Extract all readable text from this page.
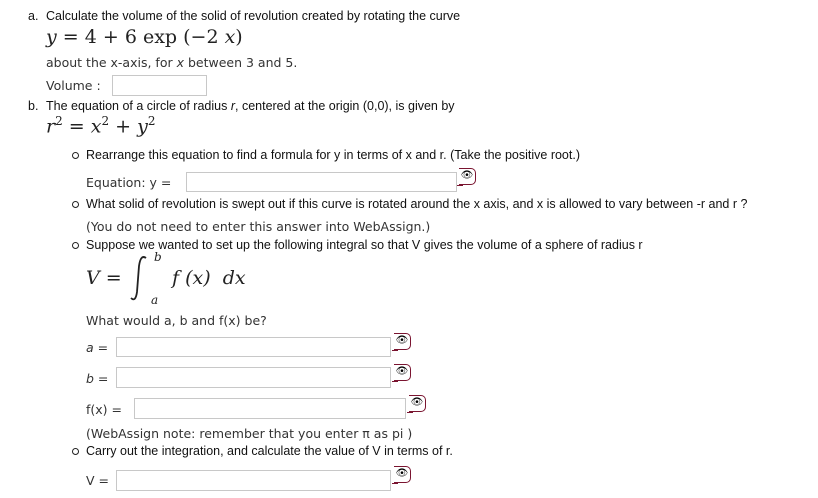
a. Calculate the volume of the solid of revolution created by rotating the curve
y = 4 + 6 exp (−2 x)
about the x-axis, for x between 3 and 5.
Volume :
b. The equation of a circle of radius r, centered at the origin (0,0), is given by
$r^2 = x^2 + y^2$
Rearrange this equation to find a formula for y in terms of x and r. (Take the positive root.)
Equation: y =	👁
What solid of revolution is swept out if this curve is rotated around the x axis, and x is allowed to vary between -r and r ?
(You do not need to enter this answer into WebAssign.)
Suppose we wanted to set up the following integral so that V gives the volume of a sphere of radius r
V =
b
a
f (x)  dx
What would a, b and f(x) be?
a =	👁
b =	👁
f(x) =	👁
(WebAssign note: remember that you enter π as pi )
Carry out the integration, and calculate the value of V in terms of r.
V =	👁
